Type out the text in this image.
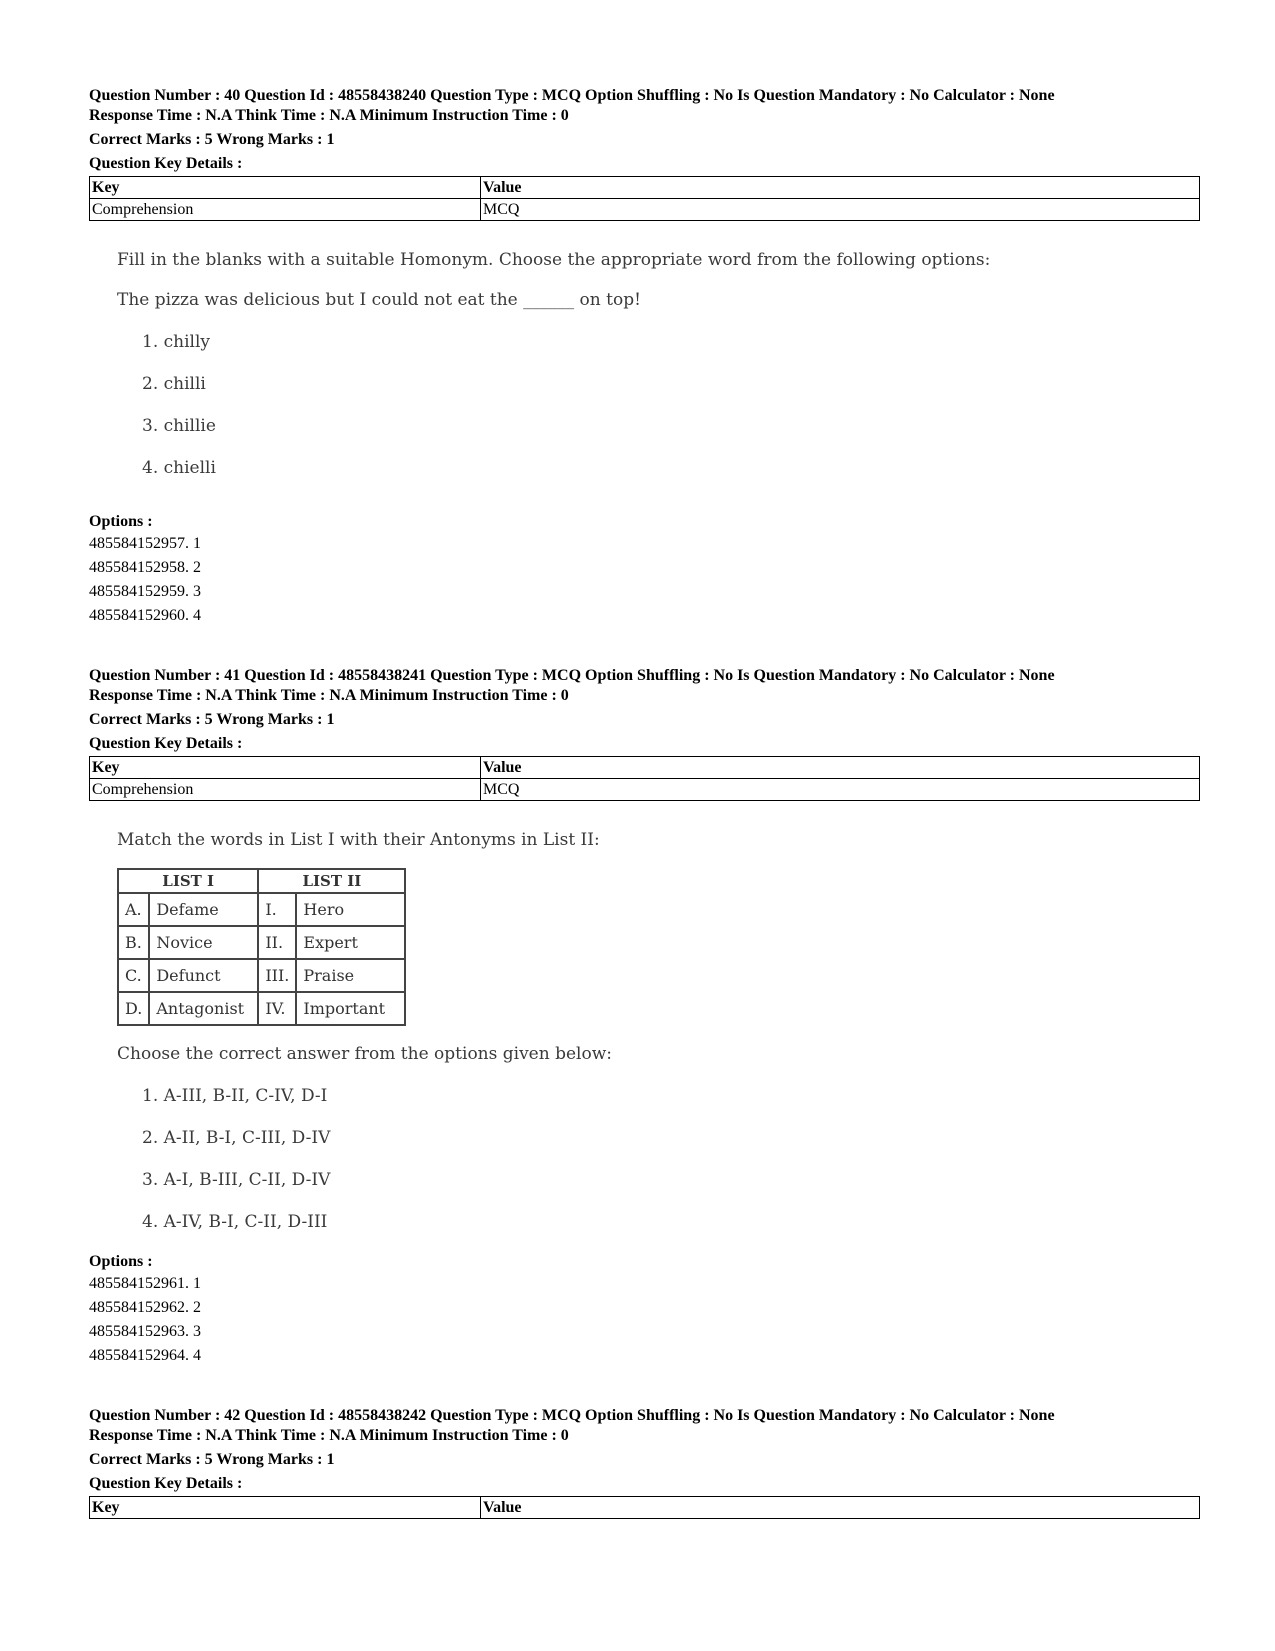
Question Number : 40 Question Id : 48558438240 Question Type : MCQ Option Shuffling : No Is Question Mandatory : No Calculator : None

Response Time : N.A Think Time : N.A Minimum Instruction Time : 0

Correct Marks : 5 Wrong Marks : 1

Question Key Details :

Key	Value
Comprehension	MCQ

Fill in the blanks with a suitable Homonym. Choose the appropriate word from the following options:

The pizza was delicious but I could not eat the ______ on top!

1. chilly

2. chilli

3. chillie

4. chielli

Options :
485584152957. 1
485584152958. 2
485584152959. 3
485584152960. 4

Question Number : 41 Question Id : 48558438241 Question Type : MCQ Option Shuffling : No Is Question Mandatory : No Calculator : None

Response Time : N.A Think Time : N.A Minimum Instruction Time : 0

Correct Marks : 5 Wrong Marks : 1

Question Key Details :

Key	Value
Comprehension	MCQ

Match the words in List I with their Antonyms in List II:

LIST I		LIST II	
A.	Defame	I.	Hero
B.	Novice	II.	Expert
C.	Defunct	III.	Praise
D.	Antagonist	IV.	Important

Choose the correct answer from the options given below:

1. A-III, B-II, C-IV, D-I

2. A-II, B-I, C-III, D-IV

3. A-I, B-III, C-II, D-IV

4. A-IV, B-I, C-II, D-III

Options :
485584152961. 1
485584152962. 2
485584152963. 3
485584152964. 4

Question Number : 42 Question Id : 48558438242 Question Type : MCQ Option Shuffling : No Is Question Mandatory : No Calculator : None

Response Time : N.A Think Time : N.A Minimum Instruction Time : 0

Correct Marks : 5 Wrong Marks : 1

Question Key Details :

Key	Value
